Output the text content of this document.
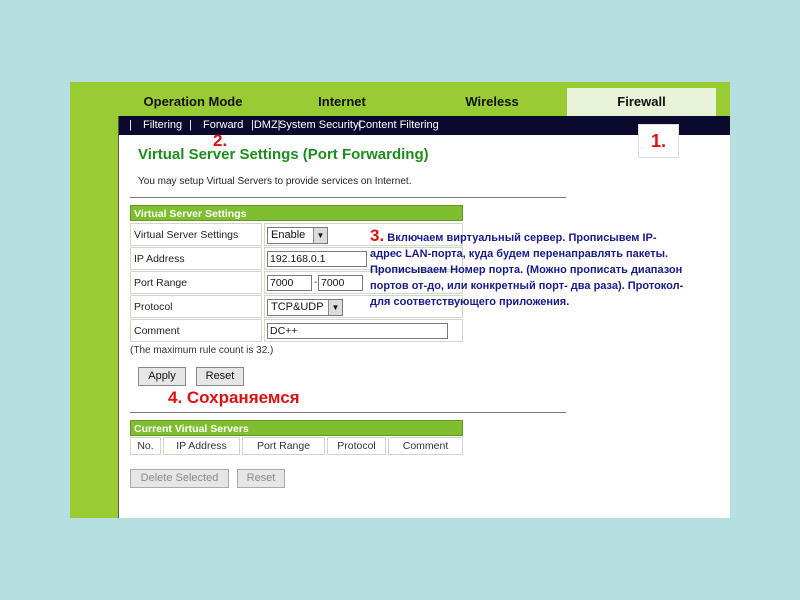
Operation Mode	Internet	Wireless	Firewall
| Filtering | Forward |DMZ|
System Security|
Content Filtering
1.
2.
Virtual Server Settings (Port Forwarding)
You may setup Virtual Servers to provide services on Internet.
Virtual Server Settings
Virtual Server Settings	Enable	▼
IP Address	192.168.0.1
Port Range	7000	- 7000
Protocol	TCP&UDP ▼
Comment	DC++
(The maximum rule count is 32.)
Apply	Reset
4. Сохраняемся
Current Virtual Servers
No.	IP Address	Port Range	Protocol	Comment
Delete Selected	Reset
3. Включаем виртуальный сервер. Прописывем IP- адрес LAN-порта, куда будем перенаправлять пакеты. Прописываем Номер порта. (Можно прописать диапазон портов от-до, или конкретный порт- два раза). Протокол- для соответствующего приложения.
